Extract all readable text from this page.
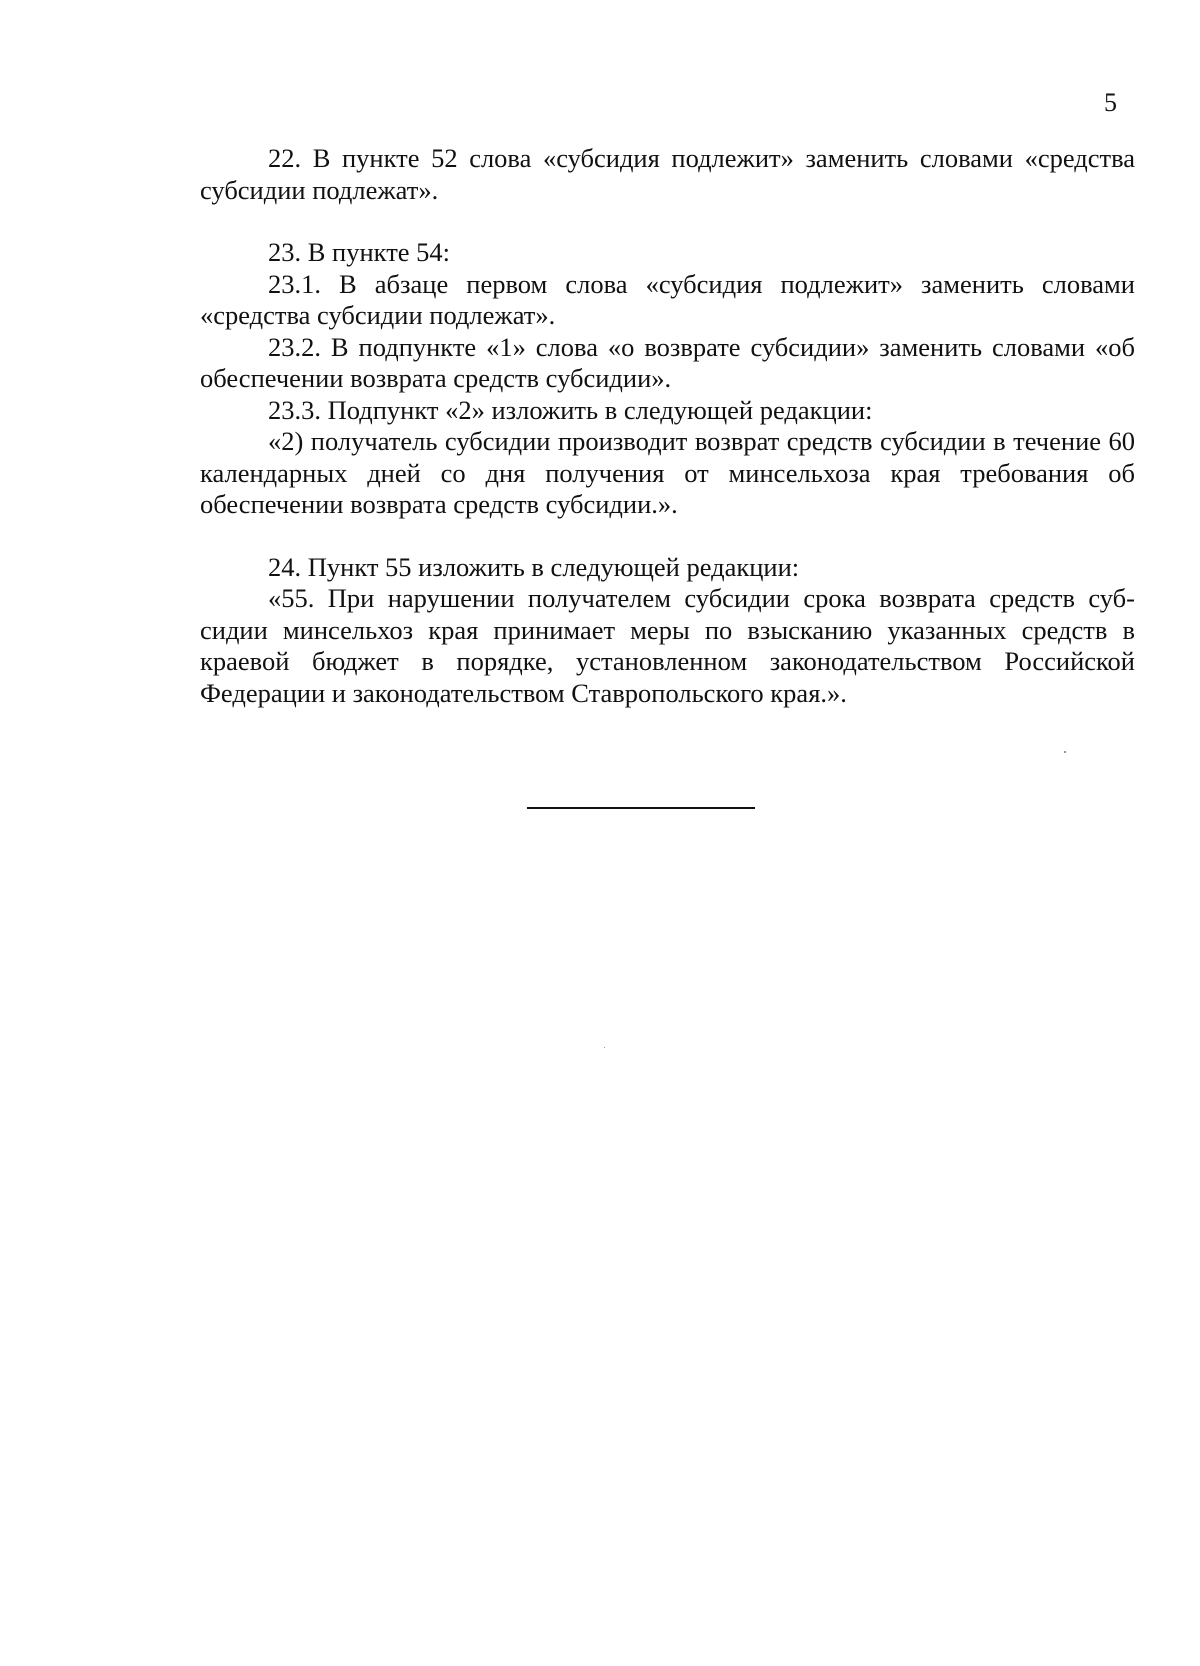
5

22. В пункте 52 слова «субсидия подлежит» заменить словами «средства субсидии подлежат».

23. В пункте 54:

23.1. В абзаце первом слова «субсидия подлежит» заменить словами «средства субсидии подлежат».

23.2. В подпункте «1» слова «о возврате субсидии» заменить словами «об обеспечении возврата средств субсидии».

23.3. Подпункт «2» изложить в следующей редакции:

«2) получатель субсидии производит возврат средств субсидии в течение 60 календарных дней со дня получения от минсельхоза края требования об обеспечении возврата средств субсидии.».

24. Пункт 55 изложить в следующей редакции:

«55. При нарушении получателем субсидии срока возврата средств субсидии минсельхоз края принимает меры по взысканию указанных средств в краевой бюджет в порядке, установленном законодательством Российской Федерации и законодательством Ставропольского края.».
